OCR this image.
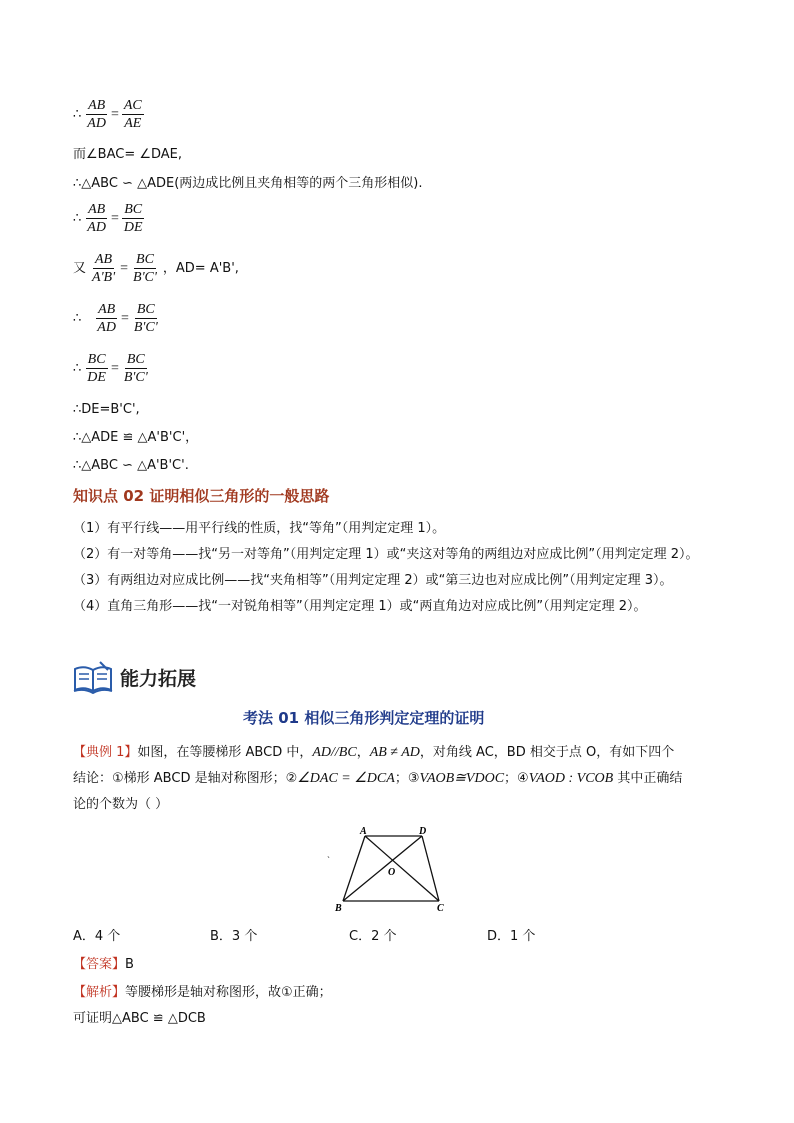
∴ $\frac{AB}{AD} = \frac{AC}{AE}$
而∠BAC= ∠DAE,
∴△ABC ∽ △ADE(两边成比例且夹角相等的两个三角形相似).
∴ $\frac{AB}{AD} = \frac{BC}{DE}$
又 $\frac{AB}{A'B'} = \frac{BC}{B'C'}$ ，AD= A'B',
∴ $\frac{AB}{AD} = \frac{BC}{B'C'}$
∴ $\frac{BC}{DE} = \frac{BC}{B'C'}$
∴DE=B'C',
∴△ADE ≌ △A'B'C'，
∴△ABC ∽ △A'B'C'.
知识点 02 证明相似三角形的一般思路
（1）有平行线——用平行线的性质，找“等角”（用判定定理 1）。
（2）有一对等角——找“另一对等角”（用判定定理 1）或“夹这对等角的两组边对应成比例”（用判定定理 2）。
（3）有两组边对应成比例——找“夹角相等”（用判定定理 2）或“第三边也对应成比例”（用判定定理 3）。
（4）直角三角形——找“一对锐角相等”（用判定定理 1）或“两直角边对应成比例”（用判定定理 2）。
能力拓展
考法 01 相似三角形判定定理的证明
【典例 1】如图，在等腰梯形 ABCD 中，AD//BC，AB ≠ AD，对角线 AC，BD 相交于点 O，有如下四个
结论：①梯形 ABCD 是轴对称图形；②∠DAC = ∠DCA；③VAOB≅VDOC；④VAOD : VCOB 其中正确结
论的个数为（ ）
A	D
B	C
O
`
A．4 个	B．3 个	C．2 个	D．1 个
【答案】B
【解析】等腰梯形是轴对称图形，故①正确；
可证明△ABC ≌ △DCB
